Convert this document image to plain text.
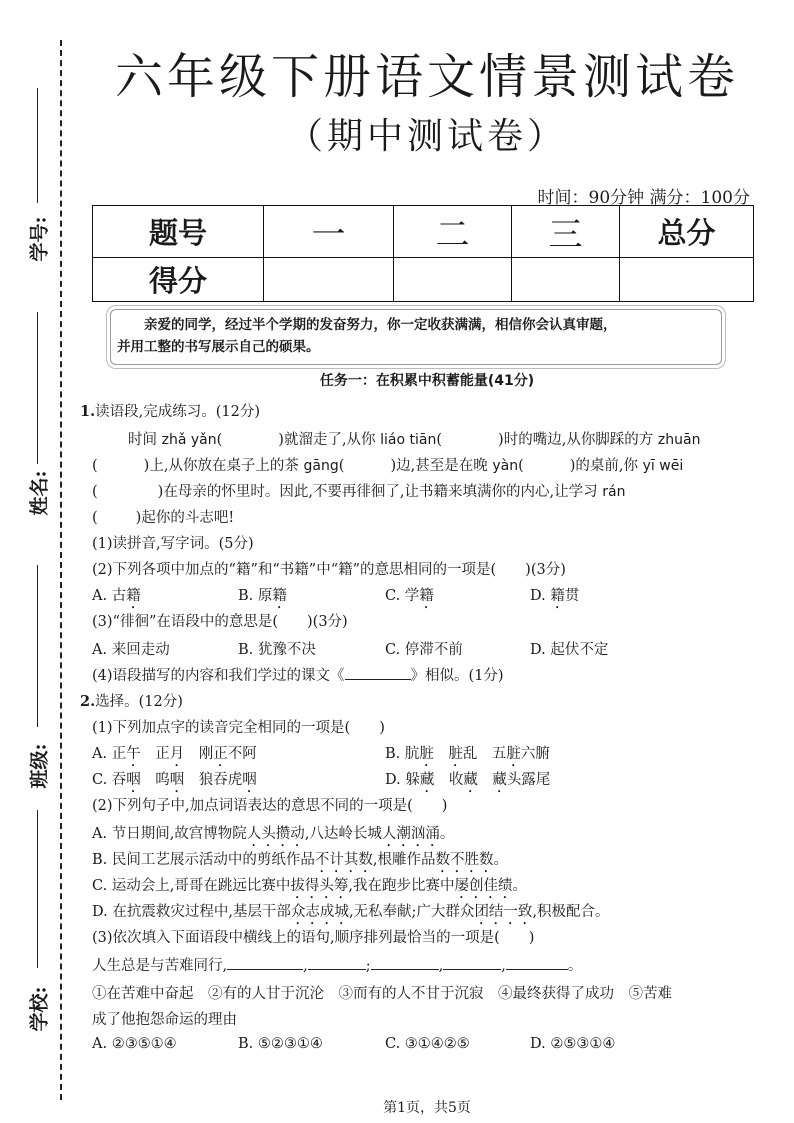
学号:
姓名:
班级:
学校:
六年级下册语文情景测试卷
（期中测试卷）
时间：90分钟 满分：100分
题号	一	二	三	总分
得分				
亲爱的同学，经过半个学期的发奋努力，你一定收获满满，相信你会认真审题，
并用工整的书写展示自己的硕果。
任务一：在积累中积蓄能量(41分)
1.读语段,完成练习。(12分)
时间 zhǎ yǎn(	)就溜走了,从你 liáo tiān(	)时的嘴边,从你脚踩的方 zhuān
(	)上,从你放在桌子上的茶 gāng(	)边,甚至是在晚 yàn(	)的桌前,你 yī wēi
(	)在母亲的怀里时。因此,不要再徘徊了,让书籍来填满你的内心,让学习 rán
(	)起你的斗志吧!
(1)读拼音,写字词。(5分)
(2)下列各项中加点的“籍”和“书籍”中“籍”的意思相同的一项是(　　)(3分)
A. 古籍	B. 原籍	C. 学籍	D. 籍贯
(3)“徘徊”在语段中的意思是(　　)(3分)
A. 来回走动	B. 犹豫不决	C. 停滞不前	D. 起伏不定
(4)语段描写的内容和我们学过的课文《	》相似。(1分)
2.选择。(12分)
(1)下列加点字的读音完全相同的一项是(　　)
A. 正午　正月　刚正不阿	B. 肮脏　 脏乱　五脏六腑
C. 吞咽　 呜咽　狼吞虎咽	D. 躲藏　收藏　 藏头露尾
(2)下列句子中,加点词语表达的意思不同的一项是(　　)
A. 节日期间,故宫博物院人头攒动,八达岭长城人潮汹涌。
B. 民间工艺展示活动中的剪纸作品不计其数,根雕作品数不胜数。
C. 运动会上,哥哥在跳远比赛中拔得头筹,我在跑步比赛中屡创佳绩。
D. 在抗震救灾过程中,基层干部众志成城,无私奉献;广大群众团结一致,积极配合。
(3)依次填入下面语段中横线上的语句,顺序排列最恰当的一项是(　　)
人生总是与苦难同行,	,	;	,	,	。
①在苦难中奋起　②有的人甘于沉沦　③而有的人不甘于沉寂　④最终获得了成功　⑤苦难
成了他抱怨命运的理由
A. ②③⑤①④	B. ⑤②③①④	C. ③①④②⑤	D. ②⑤③①④
第1页，共5页
